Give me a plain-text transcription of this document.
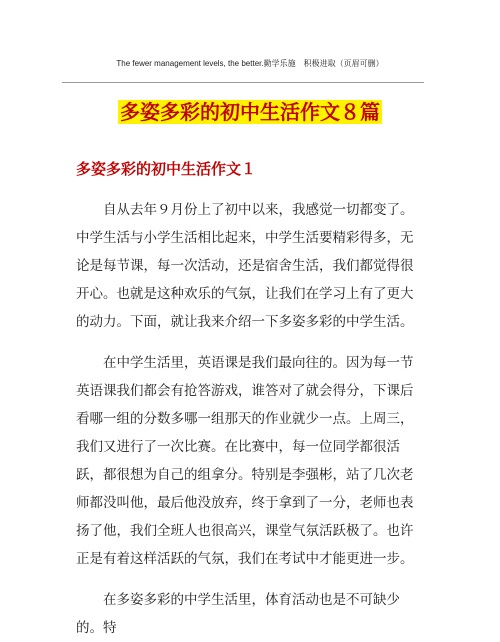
The fewer management levels, the better.勤学乐施　积极进取（页眉可删）
多姿多彩的初中生活作文８篇
多姿多彩的初中生活作文１

自从去年９月份上了初中以来，我感觉一切都变了。中学生活与小学生活相比起来，中学生活要精彩得多，无论是每节课，每一次活动，还是宿舍生活，我们都觉得很开心。也就是这种欢乐的气氛，让我们在学习上有了更大的动力。下面，就让我来介绍一下多姿多彩的中学生活。

在中学生活里，英语课是我们最向往的。因为每一节英语课我们都会有抢答游戏，谁答对了就会得分，下课后看哪一组的分数多哪一组那天的作业就少一点。上周三，我们又进行了一次比赛。在比赛中，每一位同学都很活跃，都很想为自己的组拿分。特别是李强彬，站了几次老师都没叫他，最后他没放弃，终于拿到了一分，老师也表扬了他，我们全班人也很高兴，课堂气氛活跃极了。也许正是有着这样活跃的气氛，我们在考试中才能更进一步。

在多姿多彩的中学生活里，体育活动也是不可缺少的。特
